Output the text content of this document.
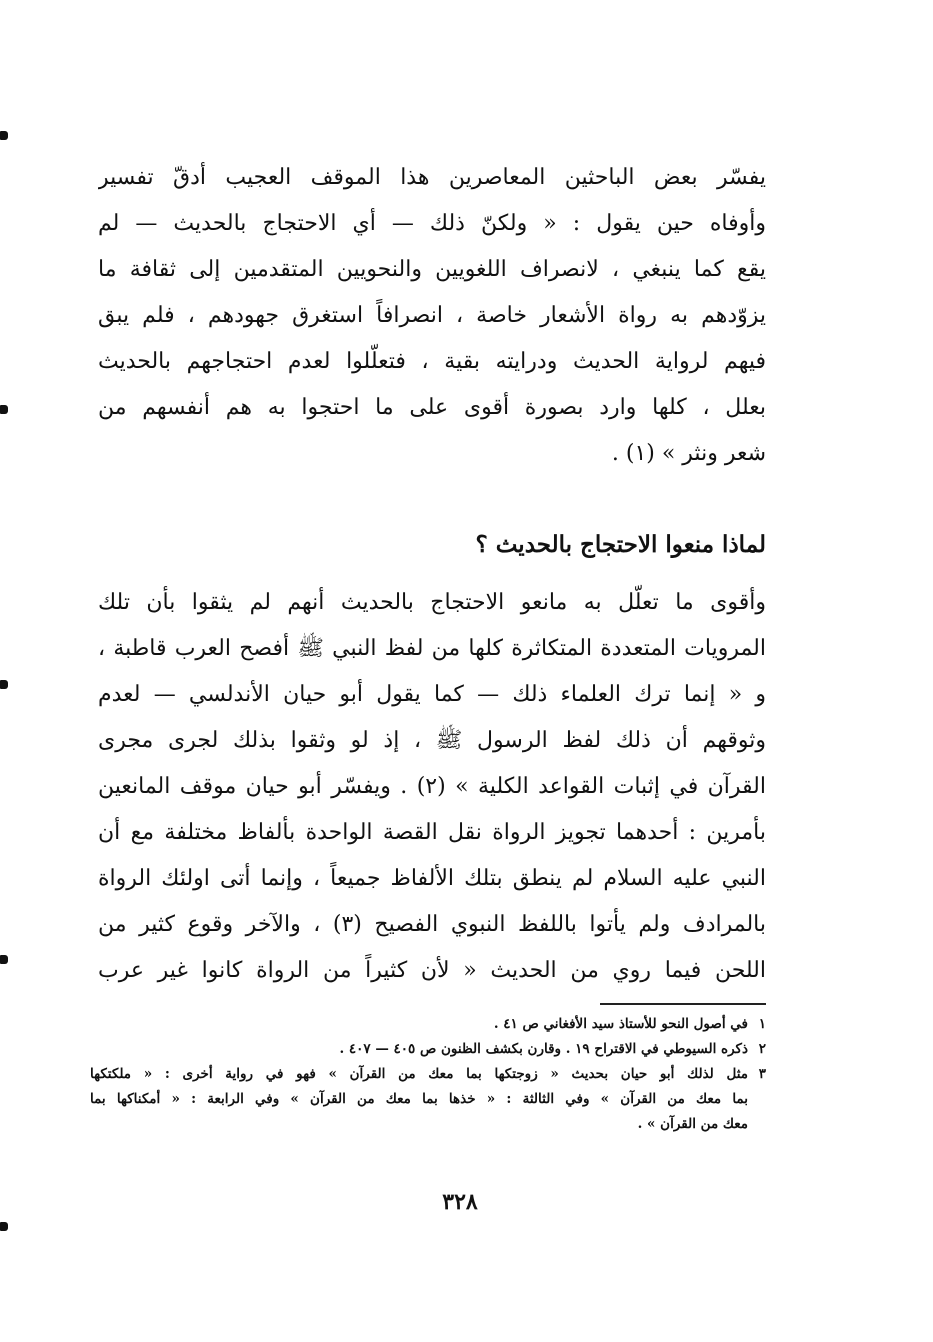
يفسّر بعض الباحثين المعاصرين هذا الموقف العجيب أدقّ تفسير
وأوفاه حين يقول : « ولكنّ ذلك — أي الاحتجاج بالحديث — لم
يقع كما ينبغي ، لانصراف اللغويين والنحويين المتقدمين إلى ثقافة ما
يزوّدهم به رواة الأشعار خاصة ، انصرافاً استغرق جهودهم ، فلم يبق
فيهم لرواية الحديث ودرايته بقية ، فتعلّلوا لعدم احتجاجهم بالحديث
بعلل ، كلها وارد بصورة أقوى على ما احتجوا به هم أنفسهم من
شعر ونثر » (١) .
لماذا منعوا الاحتجاج بالحديث ؟
وأقوى ما تعلّل به مانعو الاحتجاج بالحديث أنهم لم يثقوا بأن تلك
المرويات المتعددة المتكاثرة كلها من لفظ النبي ﷺ أفصح العرب قاطبة ،
و « إنما ترك العلماء ذلك — كما يقول أبو حيان الأندلسي — لعدم
وثوقهم أن ذلك لفظ الرسول ﷺ ، إذ لو وثقوا بذلك لجرى مجرى
القرآن في إثبات القواعد الكلية » (٢) . ويفسّر أبو حيان موقف المانعين
بأمرين : أحدهما تجويز الرواة نقل القصة الواحدة بألفاظ مختلفة مع أن
النبي عليه السلام لم ينطق بتلك الألفاظ جميعاً ، وإنما أتى اولئك الرواة
بالمرادف ولم يأتوا باللفظ النبوي الفصيح (٣) ، والآخر وقوع كثير من
اللحن فيما روي من الحديث « لأن كثيراً من الرواة كانوا غير عرب
١
في أصول النحو للأستاذ سيد الأفغاني ص ٤١ .
٢
ذكره السيوطي في الاقتراح ١٩ . وقارن بكشف الظنون ص ٤٠٥ — ٤٠٧ .
٣
مثل لذلك أبو حيان بحديث « زوجتكها بما معك من القرآن » فهو في رواية أخرى : « ملكتكها
بما معك من القرآن » وفي الثالثة : « خذها بما معك من القرآن » وفي الرابعة : « أمكناكها بما
معك من القرآن » .
٣٢٨
